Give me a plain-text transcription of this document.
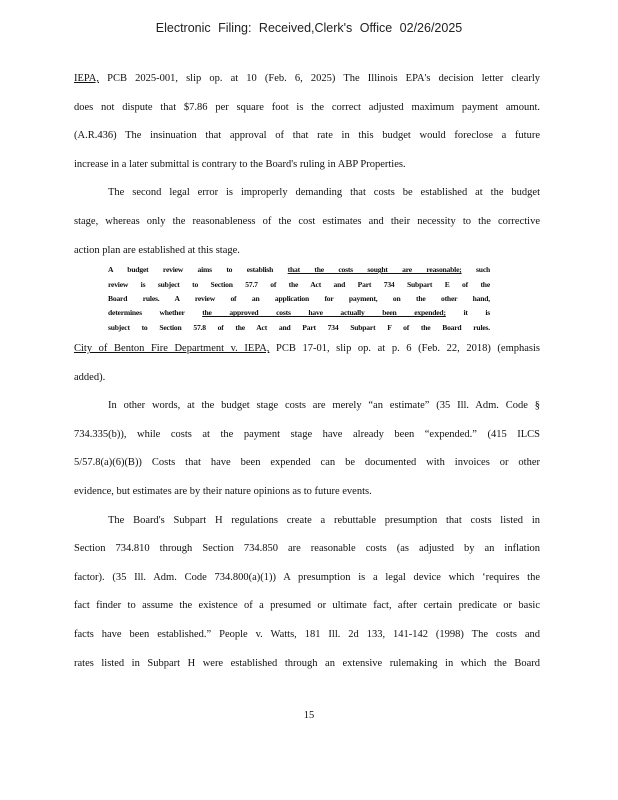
Electronic Filing: Received,Clerk's Office 02/26/2025
IEPA, PCB 2025-001, slip op. at 10 (Feb. 6, 2025) The Illinois EPA's decision letter clearly
does not dispute that $7.86 per square foot is the correct adjusted maximum payment amount.
(A.R.436) The insinuation that approval of that rate in this budget would foreclose a future
increase in a later submittal is contrary to the Board's ruling in ABP Properties.
The second legal error is improperly demanding that costs be established at the budget
stage, whereas only the reasonableness of the cost estimates and their necessity to the corrective
action plan are established at this stage.
A budget review aims to establish that the costs sought are reasonable; such
review is subject to Section 57.7 of the Act and Part 734 Subpart E of the
Board rules. A review of an application for payment, on the other hand,
determines whether the approved costs have actually been expended; it is
subject to Section 57.8 of the Act and Part 734 Subpart F of the Board rules.
City of Benton Fire Department v. IEPA, PCB 17-01, slip op. at p. 6 (Feb. 22, 2018) (emphasis
added).
In other words, at the budget stage costs are merely “an estimate” (35 Ill. Adm. Code §
734.335(b)), while costs at the payment stage have already been “expended.” (415 ILCS
5/57.8(a)(6)(B)) Costs that have been expended can be documented with invoices or other
evidence, but estimates are by their nature opinions as to future events.
The Board's Subpart H regulations create a rebuttable presumption that costs listed in
Section 734.810 through Section 734.850 are reasonable costs (as adjusted by an inflation
factor). (35 Ill. Adm. Code 734.800(a)(1)) A presumption is a legal device which ‘requires the
fact finder to assume the existence of a presumed or ultimate fact, after certain predicate or basic
facts have been established.” People v. Watts, 181 Ill. 2d 133, 141-142 (1998) The costs and
rates listed in Subpart H were established through an extensive rulemaking in which the Board
15
